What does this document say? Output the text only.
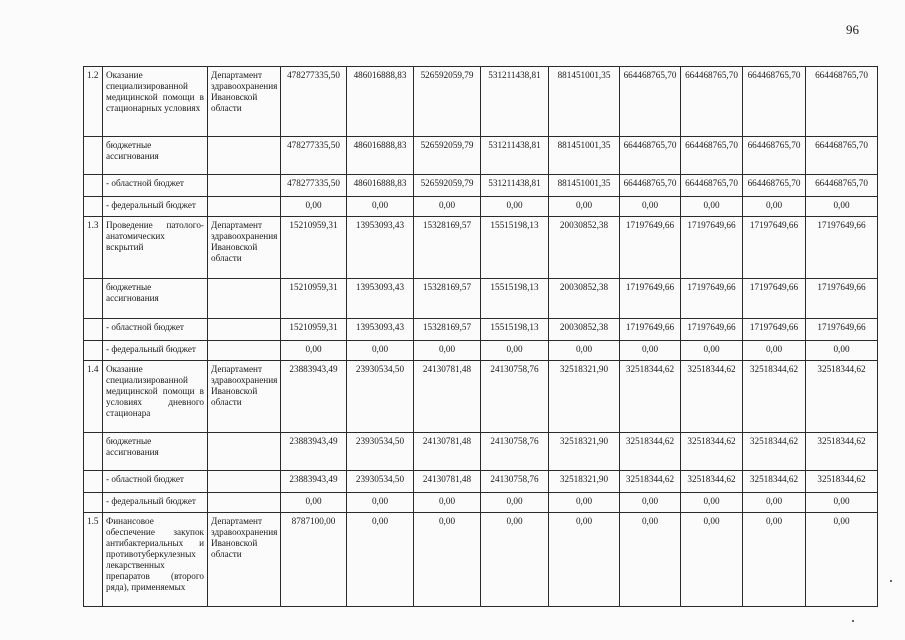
96
1.2	Оказание специализированной медицинской помощи в стационарных условиях	Департамент здравоохранения Ивановской области	478277335,50	486016888,83	526592059,79	531211438,81	881451001,35	664468765,70	664468765,70	664468765,70	664468765,70
	бюджетные ассигнования		478277335,50	486016888,83	526592059,79	531211438,81	881451001,35	664468765,70	664468765,70	664468765,70	664468765,70
	- областной бюджет		478277335,50	486016888,83	526592059,79	531211438,81	881451001,35	664468765,70	664468765,70	664468765,70	664468765,70
	- федеральный бюджет		0,00	0,00	0,00	0,00	0,00	0,00	0,00	0,00	0,00
1.3	Проведение патолого-анатомических вскрытий	Департамент здравоохранения Ивановской области	15210959,31	13953093,43	15328169,57	15515198,13	20030852,38	17197649,66	17197649,66	17197649,66	17197649,66
	бюджетные ассигнования		15210959,31	13953093,43	15328169,57	15515198,13	20030852,38	17197649,66	17197649,66	17197649,66	17197649,66
	- областной бюджет		15210959,31	13953093,43	15328169,57	15515198,13	20030852,38	17197649,66	17197649,66	17197649,66	17197649,66
	- федеральный бюджет		0,00	0,00	0,00	0,00	0,00	0,00	0,00	0,00	0,00
1.4	Оказание специализированной медицинской помощи в условиях дневного стационара	Департамент здравоохранения Ивановской области	23883943,49	23930534,50	24130781,48	24130758,76	32518321,90	32518344,62	32518344,62	32518344,62	32518344,62
	бюджетные ассигнования		23883943,49	23930534,50	24130781,48	24130758,76	32518321,90	32518344,62	32518344,62	32518344,62	32518344,62
	- областной бюджет		23883943,49	23930534,50	24130781,48	24130758,76	32518321,90	32518344,62	32518344,62	32518344,62	32518344,62
	- федеральный бюджет		0,00	0,00	0,00	0,00	0,00	0,00	0,00	0,00	0,00
1.5	Финансовое обеспечение закупок антибактериальных и противотуберкулезных лекарственных препаратов (второго ряда), применяемых	Департамент здравоохранения Ивановской области	8787100,00	0,00	0,00	0,00	0,00	0,00	0,00	0,00	0,00
